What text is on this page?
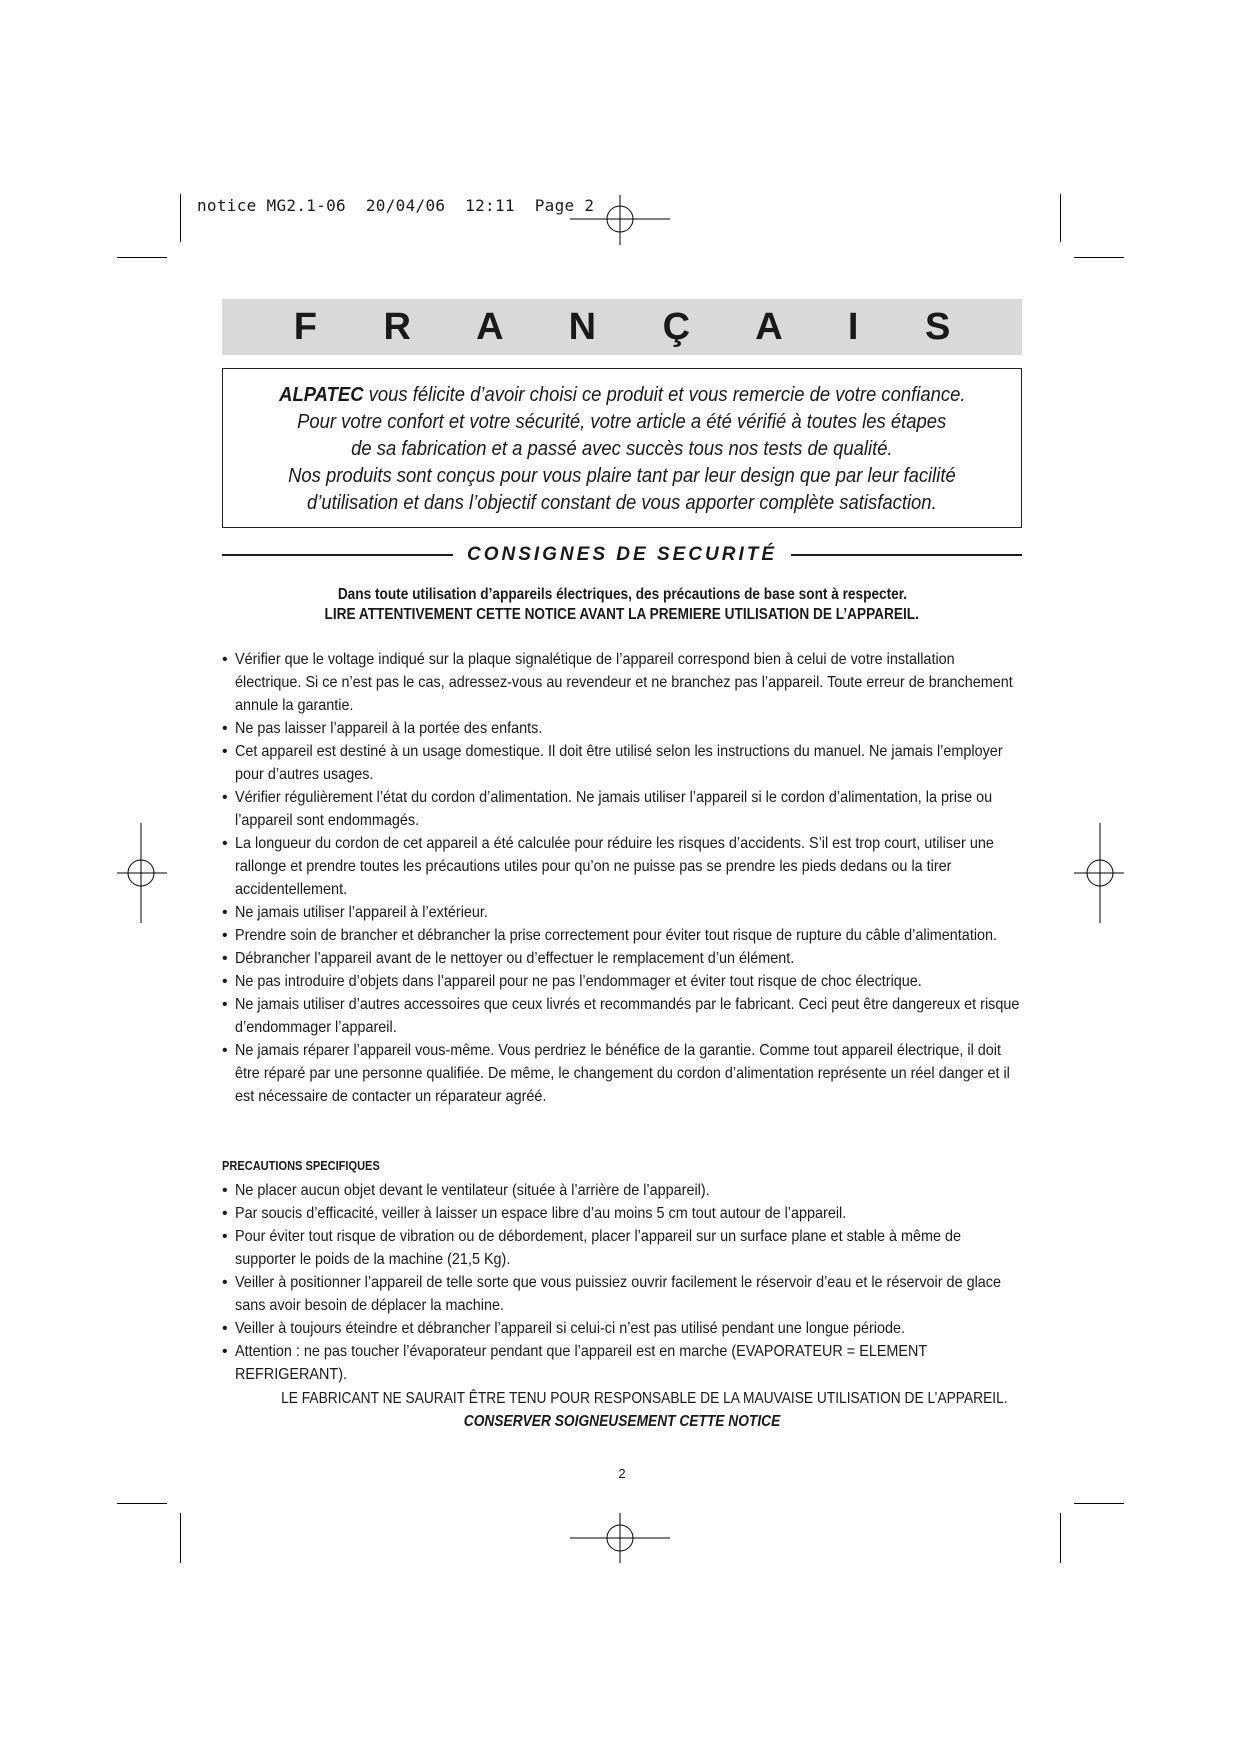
notice MG2.1-06  20/04/06  12:11  Page 2
F R A N Ç A I S
ALPATEC vous félicite d’avoir choisi ce produit et vous remercie de votre confiance.
Pour votre confort et votre sécurité, votre article a été vérifié à toutes les étapes
de sa fabrication et a passé avec succès tous nos tests de qualité.
Nos produits sont conçus pour vous plaire tant par leur design que par leur facilité
d’utilisation et dans l’objectif constant de vous apporter complète satisfaction.
CONSIGNES DE SECURITÉ
Dans toute utilisation d’appareils électriques, des précautions de base sont à respecter.
LIRE ATTENTIVEMENT CETTE NOTICE AVANT LA PREMIERE UTILISATION DE L’APPAREIL.
• Vérifier que le voltage indiqué sur la plaque signalétique de l’appareil correspond bien à celui de votre installation électrique. Si ce n’est pas le cas, adressez-vous au revendeur et ne branchez pas l’appareil. Toute erreur de branchement annule la garantie.
• Ne pas laisser l’appareil à la portée des enfants.
• Cet appareil est destiné à un usage domestique. Il doit être utilisé selon les instructions du manuel. Ne jamais l’employer pour d’autres usages.
• Vérifier régulièrement l’état du cordon d’alimentation. Ne jamais utiliser l’appareil si le cordon d’alimentation, la prise ou l’appareil sont endommagés.
• La longueur du cordon de cet appareil a été calculée pour réduire les risques d’accidents. S’il est trop court, utiliser une rallonge et prendre toutes les précautions utiles pour qu’on ne puisse pas se prendre les pieds dedans ou la tirer accidentellement.
• Ne jamais utiliser l’appareil à l’extérieur.
• Prendre soin de brancher et débrancher la prise correctement pour éviter tout risque de rupture du câble d’alimentation.
• Débrancher l’appareil avant de le nettoyer ou d’effectuer le remplacement d’un élément.
• Ne pas introduire d’objets dans l’appareil pour ne pas l’endommager et éviter tout risque de choc électrique.
• Ne jamais utiliser d’autres accessoires que ceux livrés et recommandés par le fabricant. Ceci peut être dangereux et risque d’endommager l’appareil.
• Ne jamais réparer l’appareil vous-même. Vous perdriez le bénéfice de la garantie. Comme tout appareil électrique, il doit être réparé par une personne qualifiée. De même, le changement du cordon d’alimentation représente un réel danger et il est nécessaire de contacter un réparateur agréé.
PRECAUTIONS SPECIFIQUES
• Ne placer aucun objet devant le ventilateur (située à l’arrière de l’appareil).
• Par soucis d’efficacité, veiller à laisser un espace libre d’au moins 5 cm tout autour de l’appareil.
• Pour éviter tout risque de vibration ou de débordement, placer l’appareil sur un surface plane et stable à même de supporter le poids de la machine (21,5 Kg).
• Veiller à positionner l’appareil de telle sorte que vous puissiez ouvrir facilement le réservoir d’eau et le réservoir de glace sans avoir besoin de déplacer la machine.
• Veiller à toujours éteindre et débrancher l’appareil si celui-ci n’est pas utilisé pendant une longue période.
• Attention : ne pas toucher l’évaporateur pendant que l’appareil est en marche (EVAPORATEUR = ELEMENT REFRIGERANT).
LE FABRICANT NE SAURAIT ÊTRE TENU POUR RESPONSABLE DE LA MAUVAISE UTILISATION DE L’APPAREIL.
CONSERVER SOIGNEUSEMENT CETTE NOTICE
2
